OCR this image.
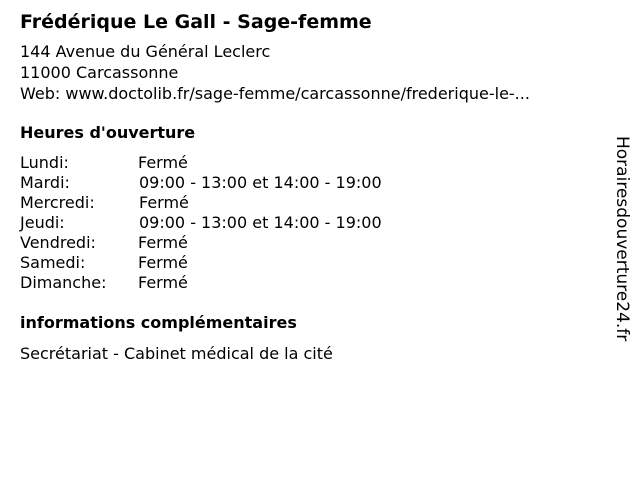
Frédérique Le Gall - Sage-femme
144 Avenue du Général Leclerc
11000 Carcassonne
Web: www.doctolib.fr/sage-femme/carcassonne/frederique-le-...
Heures d'ouverture
Lundi:	Fermé
Mardi:	09:00 - 13:00 et 14:00 - 19:00
Mercredi:	Fermé
Jeudi:	09:00 - 13:00 et 14:00 - 19:00
Vendredi:	Fermé
Samedi:	Fermé
Dimanche: Fermé
informations complémentaires
Secrétariat - Cabinet médical de la cité
Horairesdouverture24.fr
